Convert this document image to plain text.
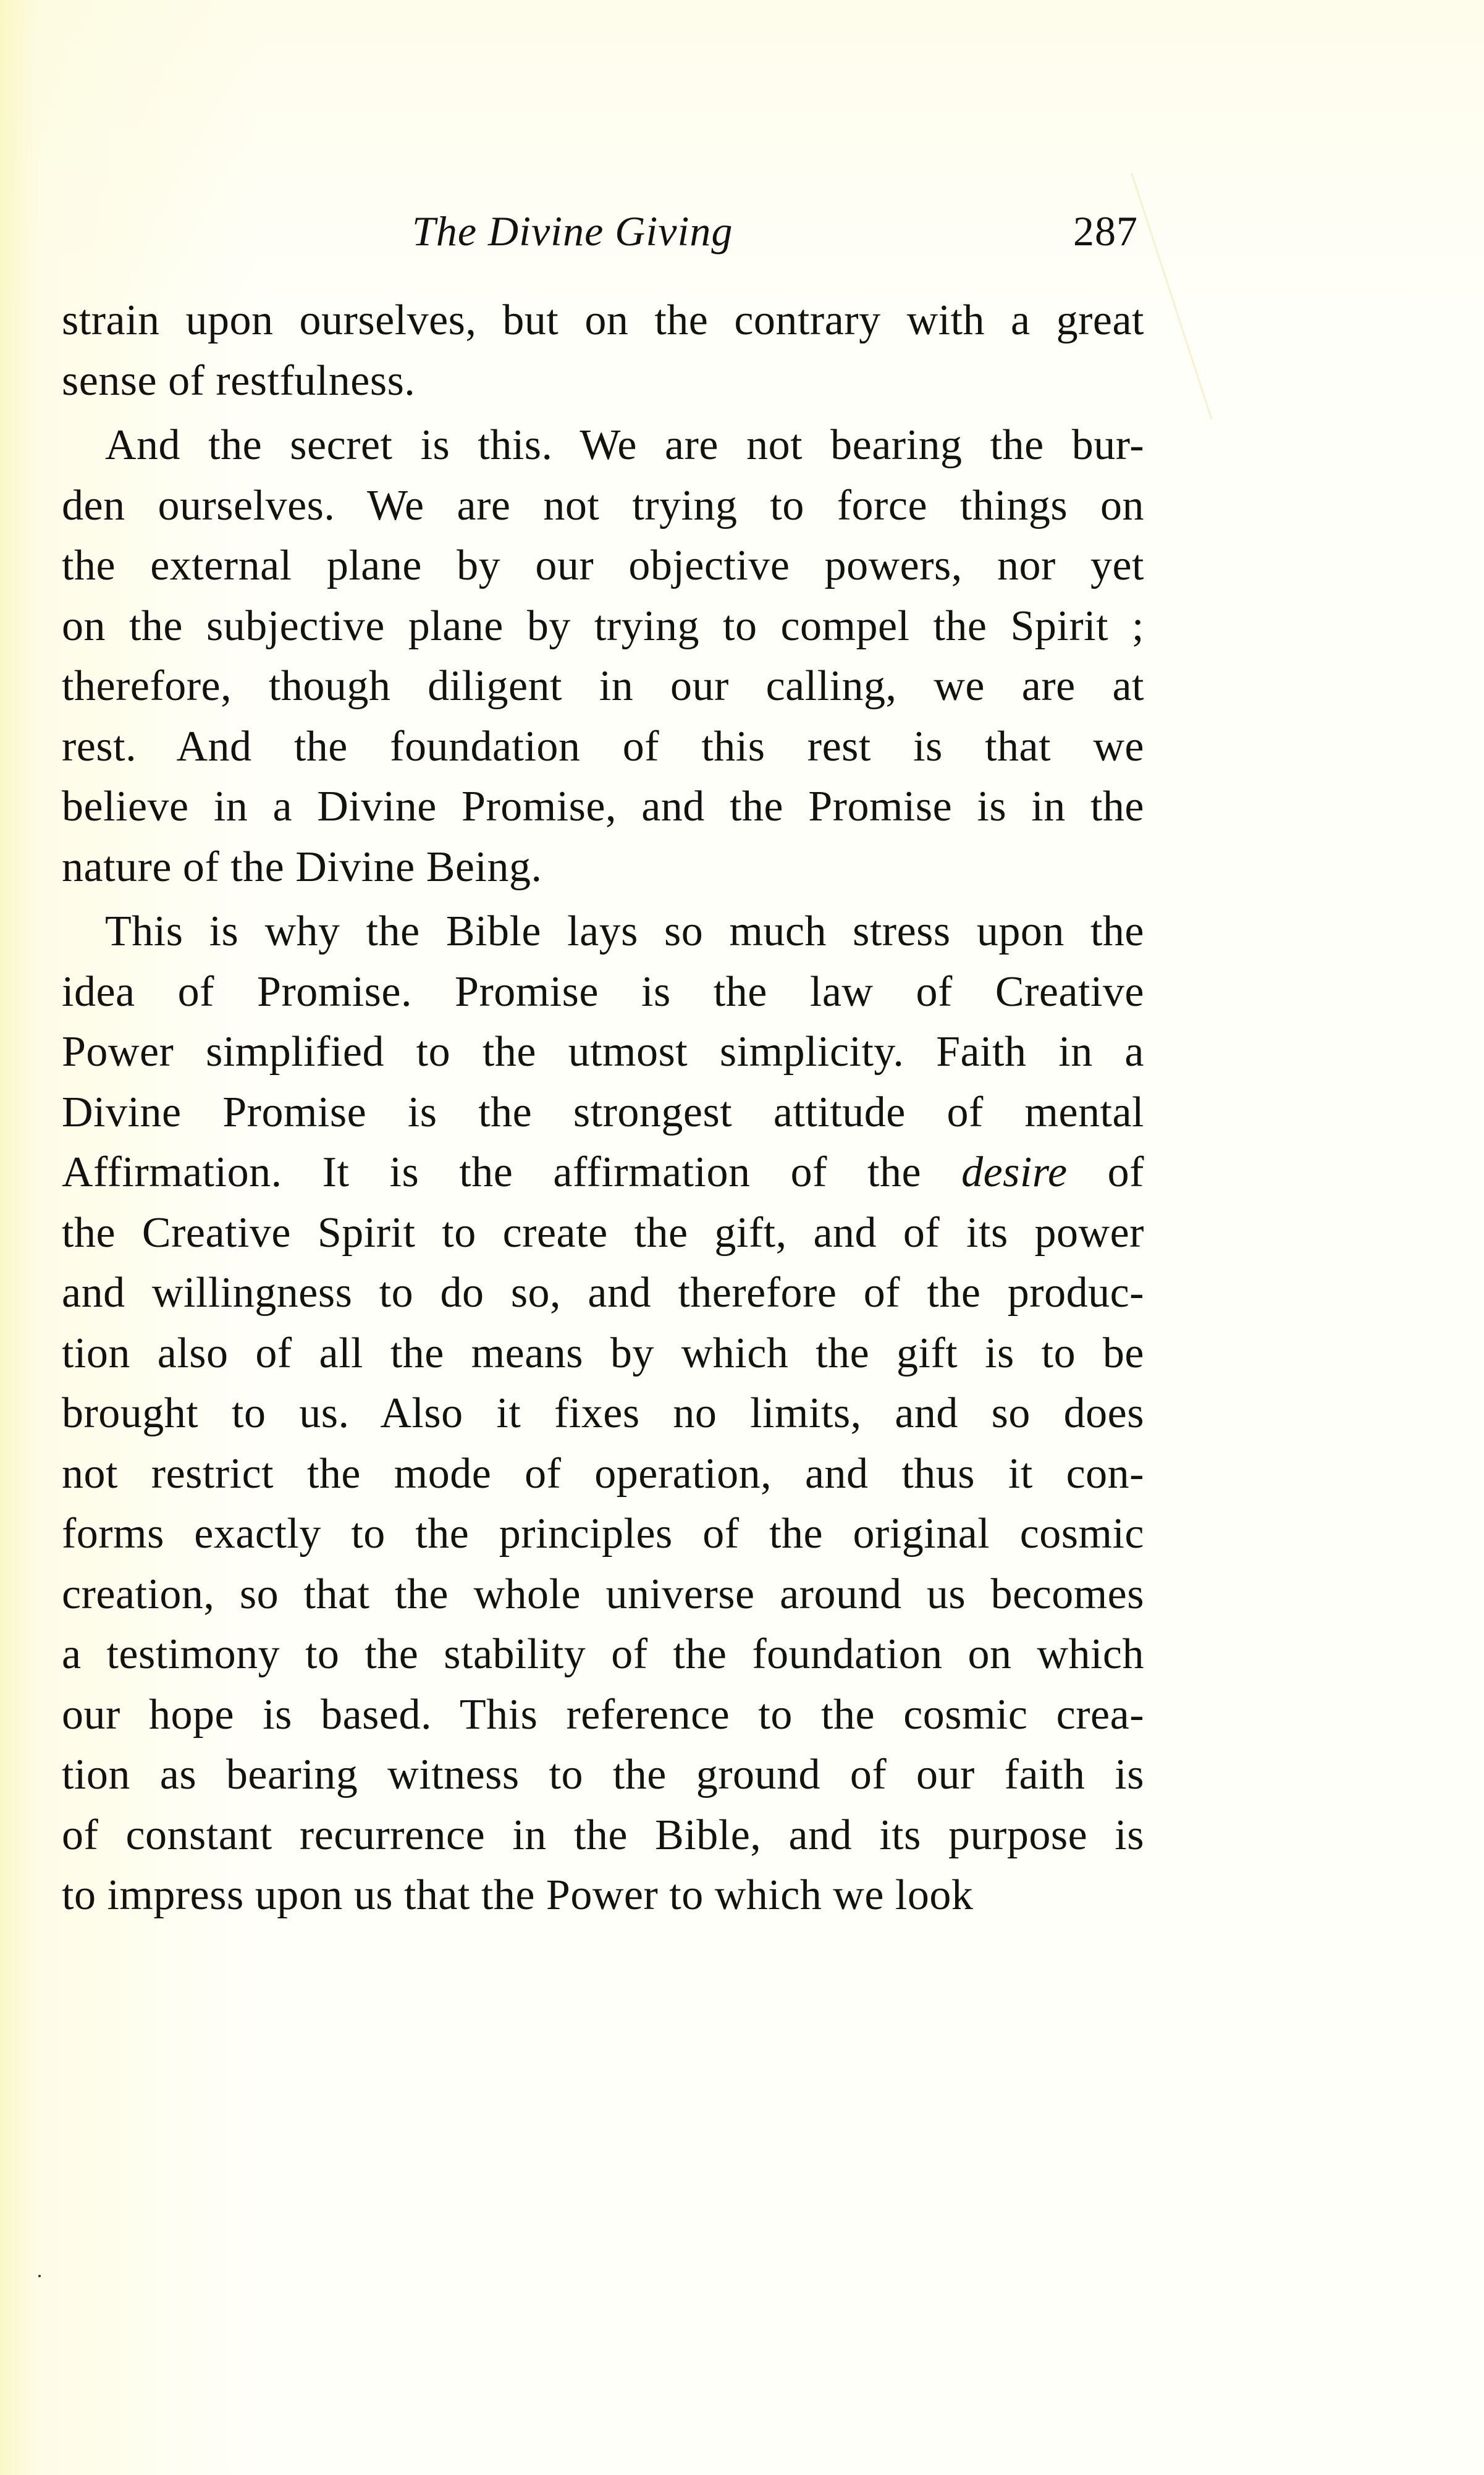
The Divine Giving	287
strain upon ourselves, but on the contrary with a great
sense of restfulness.
And the secret is this. We are not bearing the bur-
den ourselves. We are not trying to force things on
the external plane by our objective powers, nor yet
on the subjective plane by trying to compel the Spirit ;
therefore, though diligent in our calling, we are at
rest. And the foundation of this rest is that we
believe in a Divine Promise, and the Promise is in the
nature of the Divine Being.
This is why the Bible lays so much stress upon the
idea of Promise. Promise is the law of Creative
Power simplified to the utmost simplicity. Faith in a
Divine Promise is the strongest attitude of mental
Affirmation. It is the affirmation of the desire of
the Creative Spirit to create the gift, and of its power
and willingness to do so, and therefore of the produc-
tion also of all the means by which the gift is to be
brought to us. Also it fixes no limits, and so does
not restrict the mode of operation, and thus it con-
forms exactly to the principles of the original cosmic
creation, so that the whole universe around us becomes
a testimony to the stability of the foundation on which
our hope is based. This reference to the cosmic crea-
tion as bearing witness to the ground of our faith is
of constant recurrence in the Bible, and its purpose is
to impress upon us that the Power to which we look
